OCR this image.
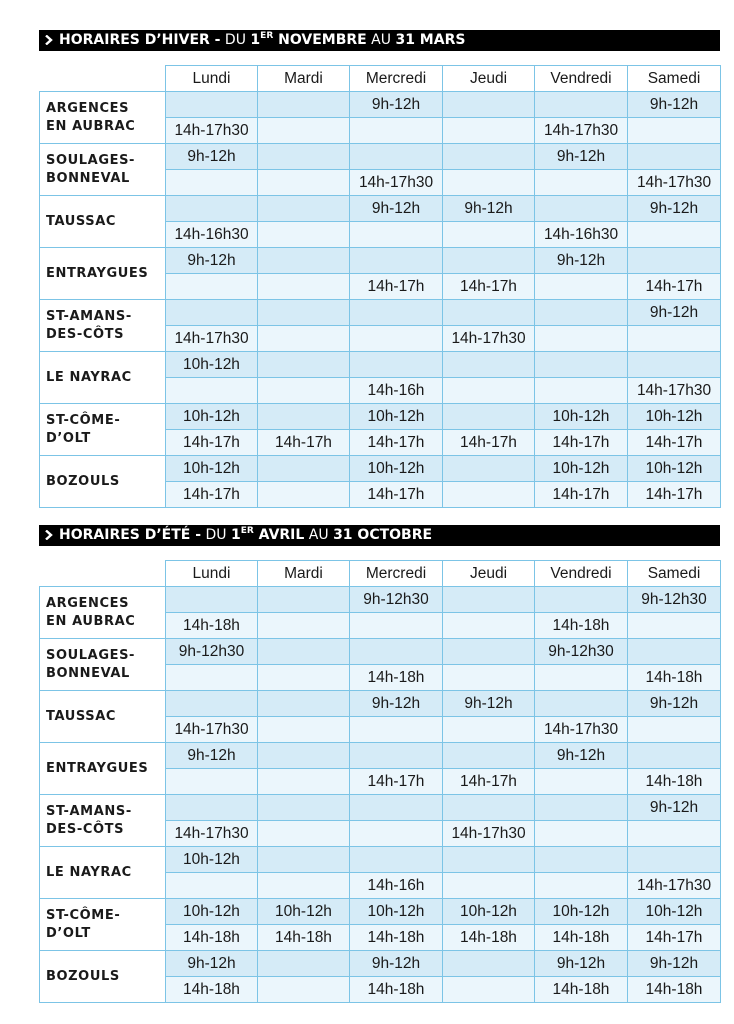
HORAIRES D’HIVER - DU 1ER NOVEMBRE AU 31 MARS
	Lundi	Mardi	Mercredi	Jeudi	Vendredi	Samedi

ARGENCES
EN AUBRAC			9h-12h			9h-12h
	14h-17h30				14h-17h30	

SOULAGES-
BONNEVAL	9h-12h				9h-12h	
			14h-17h30			14h-17h30

TAUSSAC			9h-12h	9h-12h		9h-12h
	14h-16h30				14h-16h30	

ENTRAYGUES	9h-12h				9h-12h	
			14h-17h	14h-17h		14h-17h

ST-AMANS-
DES-CÔTS						9h-12h
	14h-17h30			14h-17h30		

LE NAYRAC	10h-12h					
			14h-16h			14h-17h30

ST-CÔME-
D’OLT	10h-12h		10h-12h		10h-12h	10h-12h
	14h-17h	14h-17h	14h-17h	14h-17h	14h-17h	14h-17h

BOZOULS	10h-12h		10h-12h		10h-12h	10h-12h
	14h-17h		14h-17h		14h-17h	14h-17h
HORAIRES D’ÉTÉ - DU 1ER AVRIL AU 31 OCTOBRE
	Lundi	Mardi	Mercredi	Jeudi	Vendredi	Samedi

ARGENCES
EN AUBRAC			9h-12h30			9h-12h30
	14h-18h				14h-18h	

SOULAGES-
BONNEVAL	9h-12h30				9h-12h30	
			14h-18h			14h-18h

TAUSSAC			9h-12h	9h-12h		9h-12h
	14h-17h30				14h-17h30	

ENTRAYGUES	9h-12h				9h-12h	
			14h-17h	14h-17h		14h-18h

ST-AMANS-
DES-CÔTS						9h-12h
	14h-17h30			14h-17h30		

LE NAYRAC	10h-12h					
			14h-16h			14h-17h30

ST-CÔME-
D’OLT	10h-12h	10h-12h	10h-12h	10h-12h	10h-12h	10h-12h
	14h-18h	14h-18h	14h-18h	14h-18h	14h-18h	14h-17h

BOZOULS	9h-12h		9h-12h		9h-12h	9h-12h
	14h-18h		14h-18h		14h-18h	14h-18h
